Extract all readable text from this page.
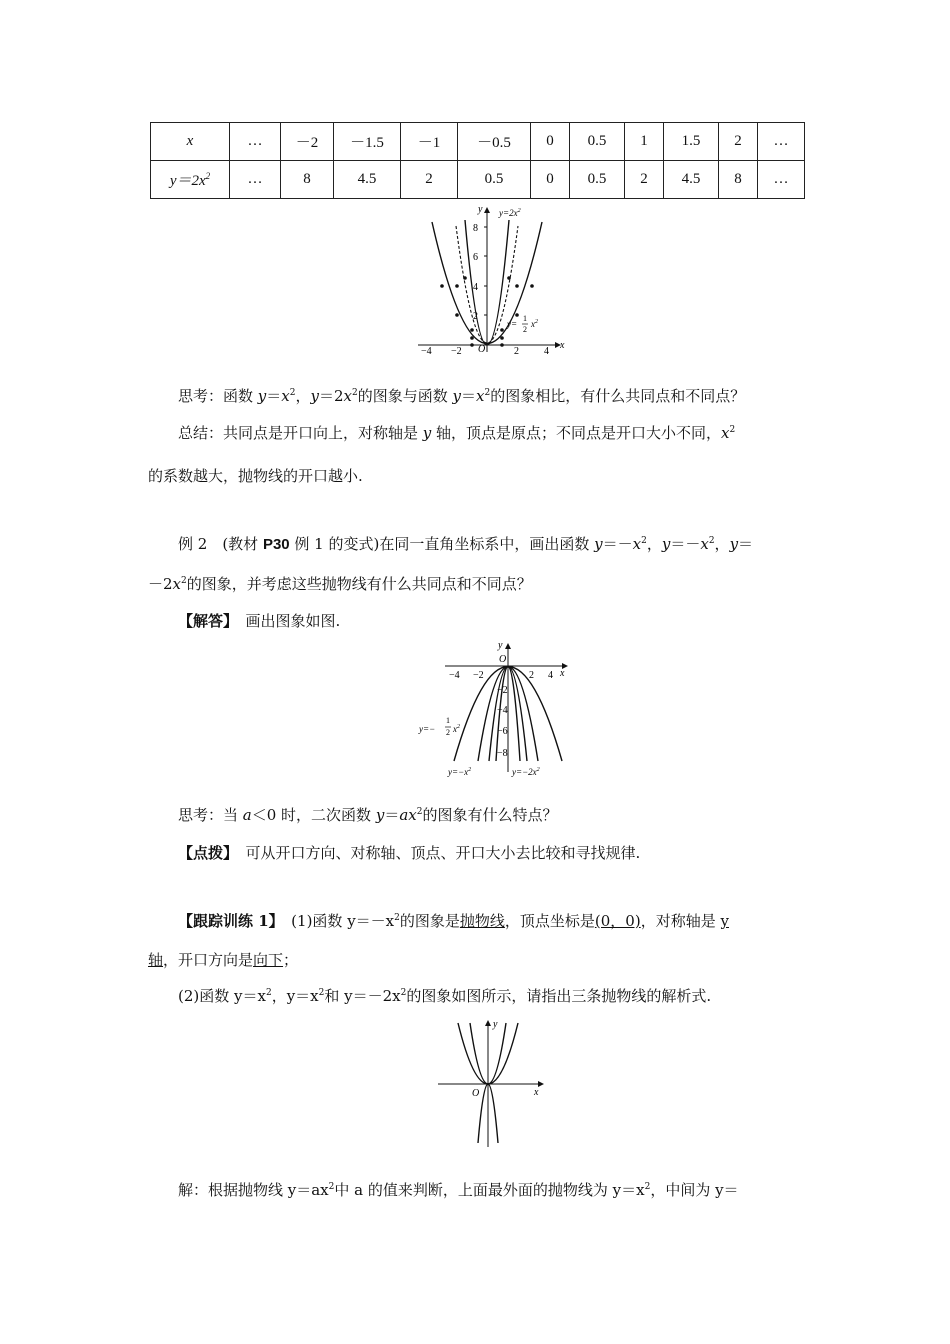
x	…	－2	－1.5	－1	－0.5	0	0.5	1	1.5	2	…
$y=2x^2$	…	8	4.5	2	0.5	0	0.5	2	4.5	8	…
2
4
6
8
−4 −2	2	4
O	x
y $y=2x^2$
y=
1
2
$x^2$
思考：函数 $y=x^2$，$y=2x^2$的图象与函数 $y=x^2$的图象相比，有什么共同点和不同点？
总结：共同点是开口向上，对称轴是 y 轴，顶点是原点；不同点是开口大小不同，$x^2$
的系数越大，抛物线的开口越小.
例 2　(教材 P30 例 1 的变式)在同一直角坐标系中，画出函数 $y=-x^2$，$y=-x^2$，y＝
$-2x^2$的图象，并考虑这些抛物线有什么共同点和不同点？
【解答】　画出图象如图.
y
O
x
−4 −2	2 4
−2
−4
−6
−8
y=−
1
2 $x^2$
$y=-x^2$	$y=-2x^2$
思考：当 a＜0 时，二次函数 $y=ax^2$的图象有什么特点？
【点拨】　可从开口方向、对称轴、顶点、开口大小去比较和寻找规律.
【跟踪训练 1】　(1)函数 $y=-x^2$的图象是抛物线，顶点坐标是(0，0)，对称轴是 y
轴，开口方向是向下；
(2)函数 $y=x^2$，$y=x^2$和 $y=-2x^2$的图象如图所示，请指出三条抛物线的解析式.
y
O	x
解：根据抛物线 $y=ax^2$中 a 的值来判断，上面最外面的抛物线为 $y=x^2$，中间为 y＝
